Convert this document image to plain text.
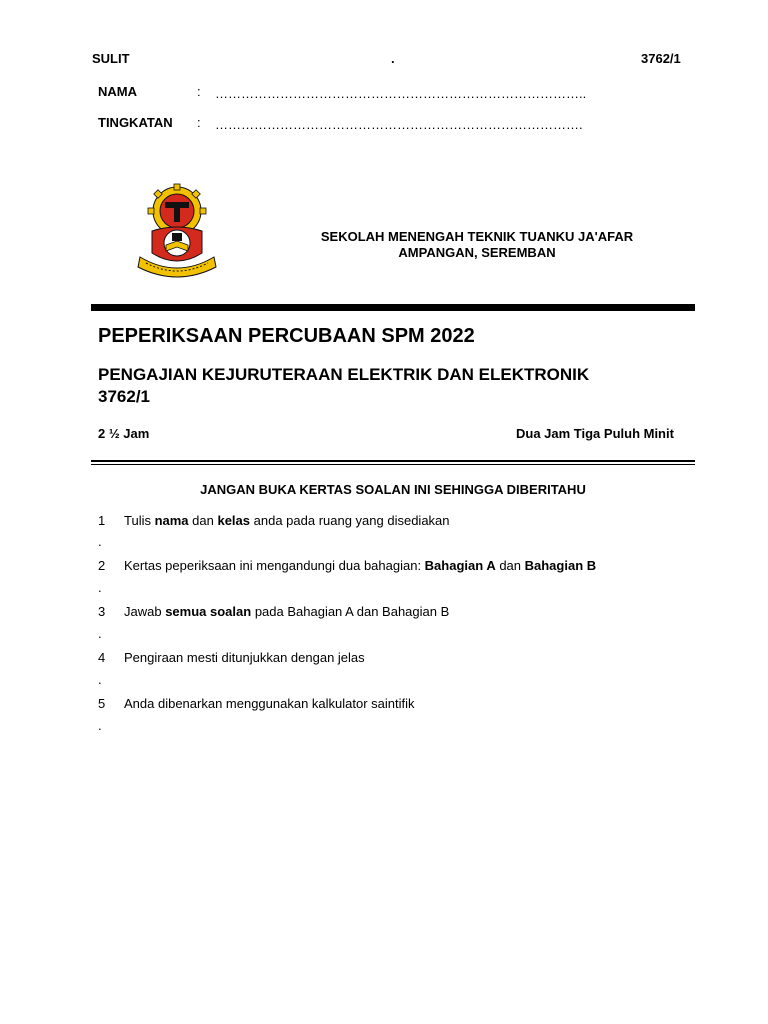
SULIT	.	3762/1
NAMA	: …………………………………………………………………………..
TINGKATAN : ………………………………………………………………………….
SEKOLAH MENENGAH TEKNIK TUANKU JA'AFAR
AMPANGAN, SEREMBAN
PEPERIKSAAN PERCUBAAN SPM 2022
PENGAJIAN KEJURUTERAAN ELEKTRIK DAN ELEKTRONIK
3762/1
2 ½ Jam	Dua Jam Tiga Puluh Minit
JANGAN BUKA KERTAS SOALAN INI SEHINGGA DIBERITAHU
1 Tulis nama dan kelas anda pada ruang yang disediakan
.
2 Kertas peperiksaan ini mengandungi dua bahagian: Bahagian A dan Bahagian B
.
3 Jawab semua soalan pada Bahagian A dan Bahagian B
.
4 Pengiraan mesti ditunjukkan dengan jelas
.
5 Anda dibenarkan menggunakan kalkulator saintifik
.
